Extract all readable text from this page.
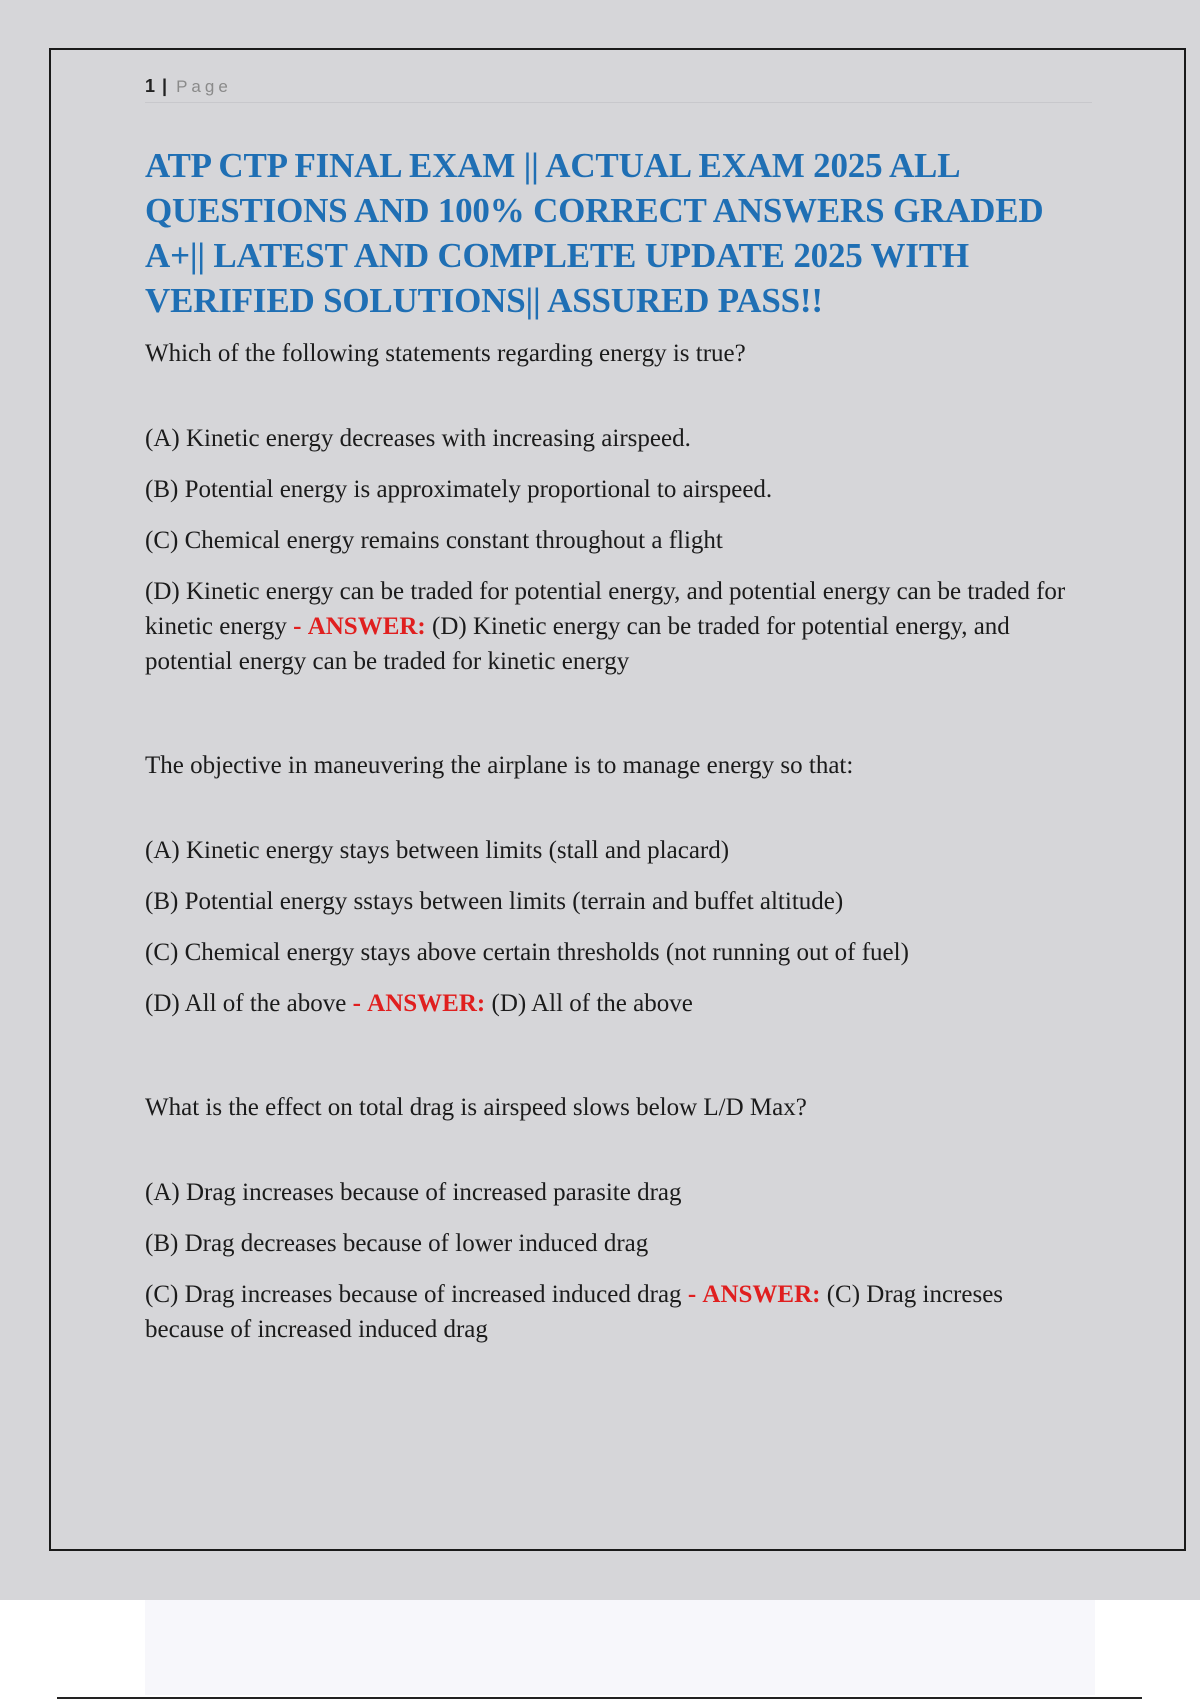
1 | Page
ATP CTP FINAL EXAM || ACTUAL EXAM 2025 ALL QUESTIONS AND 100% CORRECT ANSWERS GRADED A+|| LATEST AND COMPLETE UPDATE 2025 WITH VERIFIED SOLUTIONS|| ASSURED PASS!!

Which of the following statements regarding energy is true?

(A) Kinetic energy decreases with increasing airspeed.
(B) Potential energy is approximately proportional to airspeed.
(C) Chemical energy remains constant throughout a flight
(D) Kinetic energy can be traded for potential energy, and potential energy can be traded for kinetic energy - ANSWER: (D) Kinetic energy can be traded for potential energy, and potential energy can be traded for kinetic energy

The objective in maneuvering the airplane is to manage energy so that:

(A) Kinetic energy stays between limits (stall and placard)
(B) Potential energy sstays between limits (terrain and buffet altitude)
(C) Chemical energy stays above certain thresholds (not running out of fuel)
(D) All of the above - ANSWER: (D) All of the above

What is the effect on total drag is airspeed slows below L/D Max?

(A) Drag increases because of increased parasite drag
(B) Drag decreases because of lower induced drag
(C) Drag increases because of increased induced drag - ANSWER: (C) Drag increses because of increased induced drag
